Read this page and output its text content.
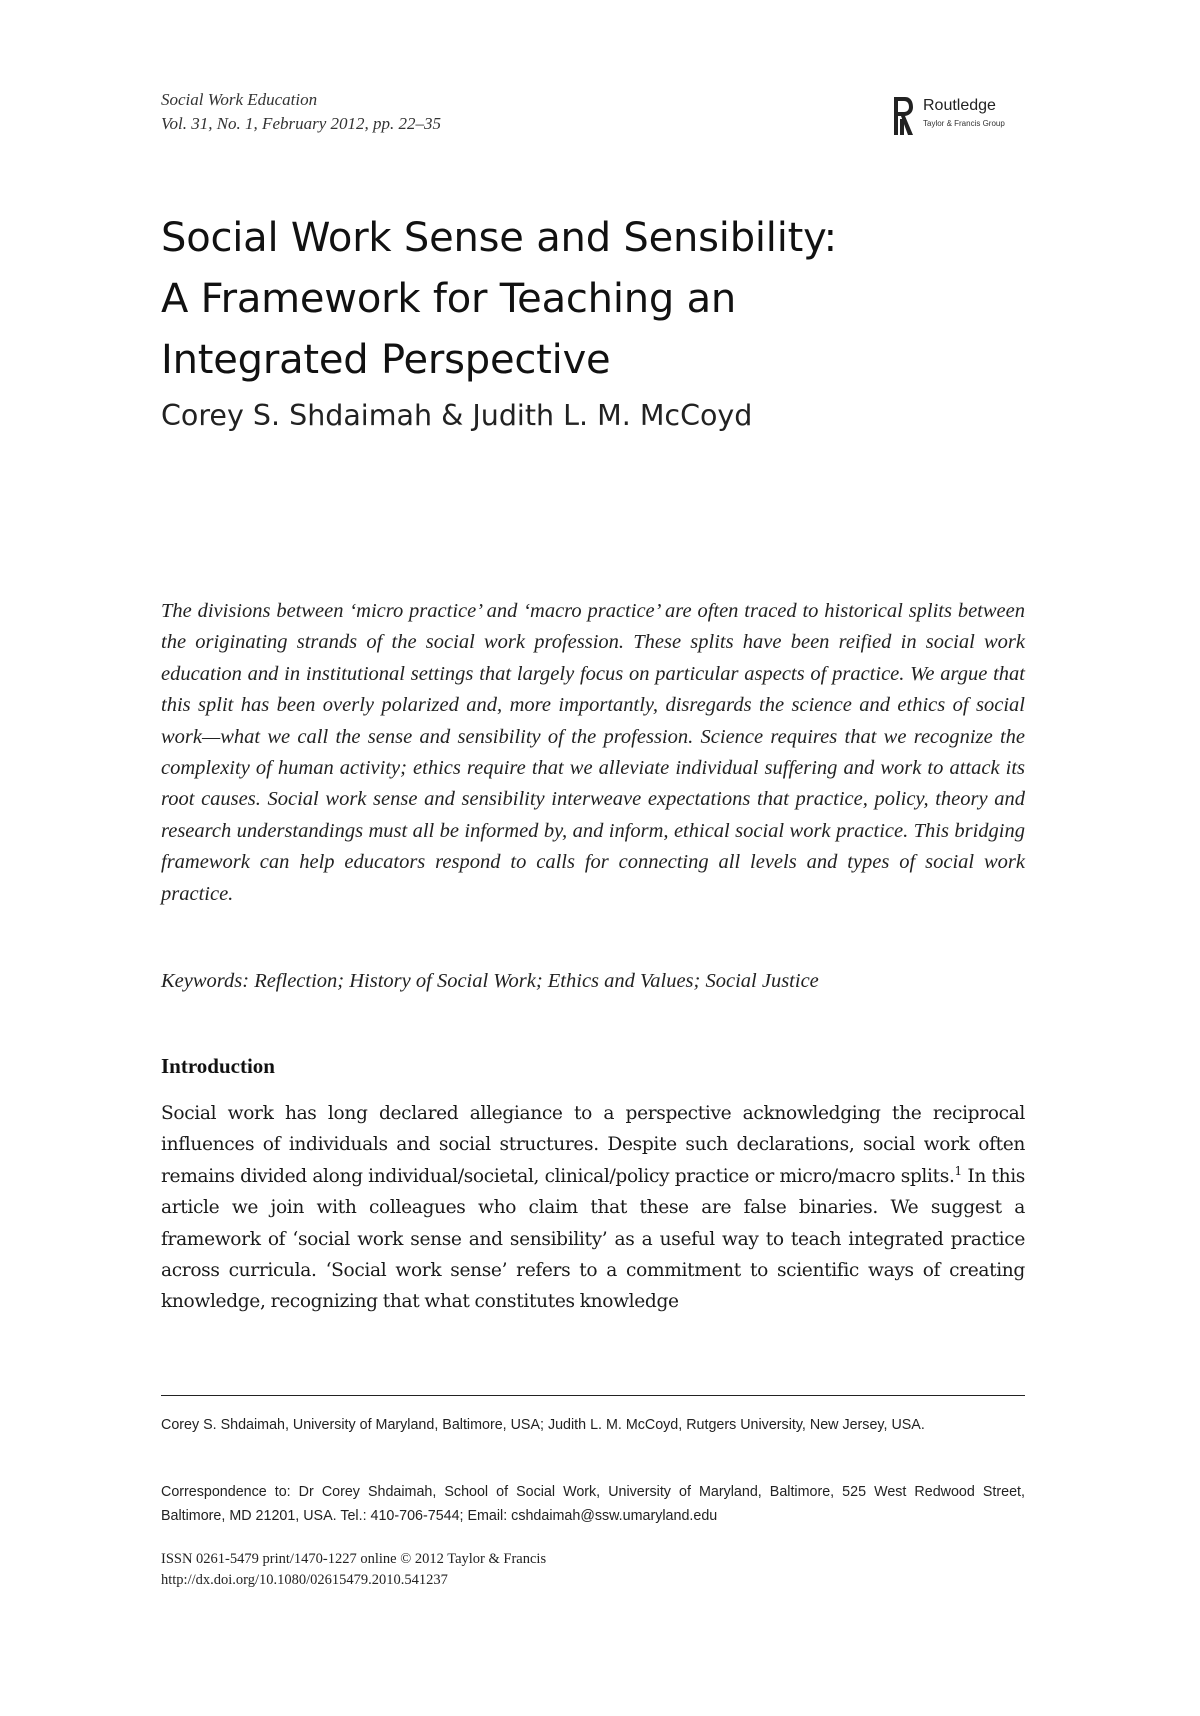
Social Work Education
Vol. 31, No. 1, February 2012, pp. 22–35
Routledge
Taylor & Francis Group
Social Work Sense and Sensibility:
A Framework for Teaching an
Integrated Perspective
Corey S. Shdaimah & Judith L. M. McCoyd

The divisions between ‘micro practice’ and ‘macro practice’ are often traced to historical splits between the originating strands of the social work profession. These splits have been reified in social work education and in institutional settings that largely focus on particular aspects of practice. We argue that this split has been overly polarized and, more importantly, disregards the science and ethics of social work—what we call the sense and sensibility of the profession. Science requires that we recognize the complexity of human activity; ethics require that we alleviate individual suffering and work to attack its root causes. Social work sense and sensibility interweave expectations that practice, policy, theory and research understandings must all be informed by, and inform, ethical social work practice. This bridging framework can help educators respond to calls for connecting all levels and types of social work practice.

Keywords: Reflection; History of Social Work; Ethics and Values; Social Justice
Introduction

Social work has long declared allegiance to a perspective acknowledging the reciprocal influences of individuals and social structures. Despite such declarations, social work often remains divided along individual/societal, clinical/policy practice or micro/macro splits.$^1$ In this article we join with colleagues who claim that these are false binaries. We suggest a framework of ‘social work sense and sensibility’ as a useful way to teach integrated practice across curricula. ‘Social work sense’ refers to a commitment to scientific ways of creating knowledge, recognizing that what constitutes knowledge

Corey S. Shdaimah, University of Maryland, Baltimore, USA; Judith L. M. McCoyd, Rutgers University, New Jersey, USA.

Correspondence to: Dr Corey Shdaimah, School of Social Work, University of Maryland, Baltimore, 525 West Redwood Street, Baltimore, MD 21201, USA. Tel.: 410-706-7544; Email: cshdaimah@ssw.umaryland.edu

ISSN 0261-5479 print/1470-1227 online © 2012 Taylor & Francis
http://dx.doi.org/10.1080/02615479.2010.541237
